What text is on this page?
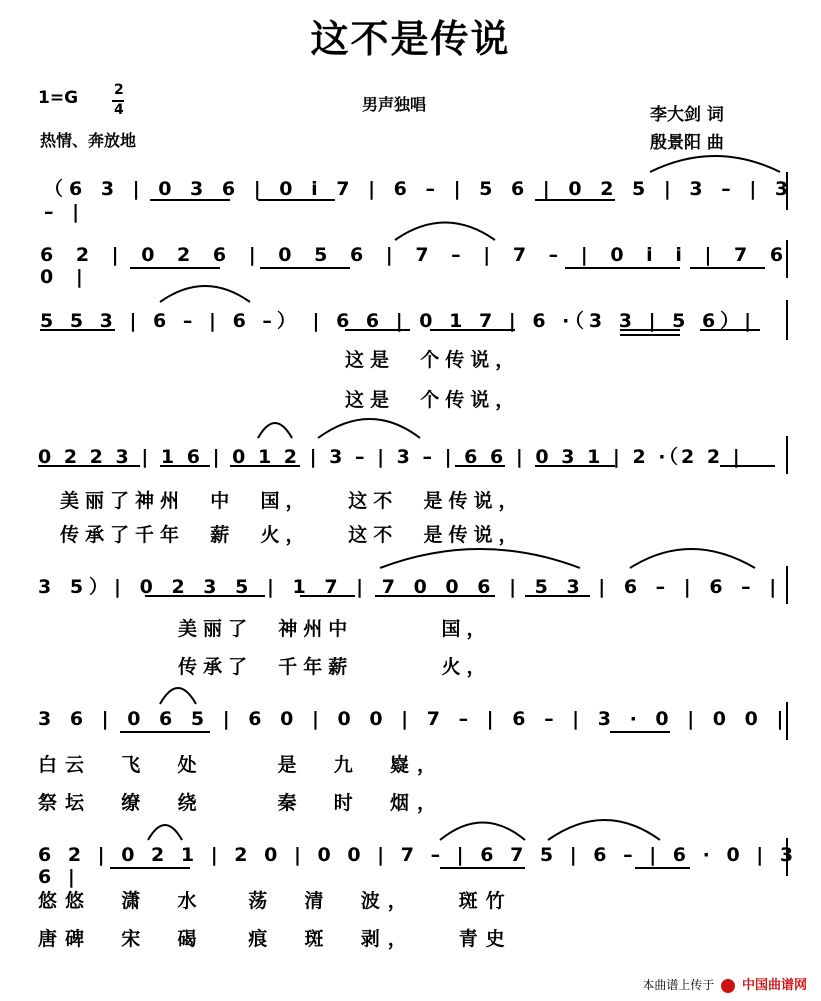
这不是传说
1=G	2
4
热情、奔放地
男声独唱
李大剑 词
殷景阳 曲
（6 3 | 0 3 6 | 0 i 7 | 6 – | 5 6 | 0 2 5 | 3 – | 3 – |
6 2 | 0 2 6 | 0 5 6 | 7 – | 7 – | 0 i i | 7 6 0 |
5 5 3 | 6 – | 6 –） | 6 6 | 0 1 7 | 6 ·（3 3 | 5 6）|
这是  个传说，
这是  个传说，
0 2 2 3 | 1 6 | 0 1 2 | 3 – | 3 – | 6 6 | 0 3 1 | 2 ·（2 2 |
美丽了神州  中  国，   这不  是传说，
传承了千年  薪  火，   这不  是传说，
3 5）| 0 2 3 5 | 1 7 | 7 0 0 6 | 5 3 | 6 – | 6 – |
美丽了  神州中       国，
传承了  千年薪       火，
3 6 | 0 6 5 | 6 0 | 0 0 | 7 – | 6 – | 3 · 0 | 0 0 |
白云  飞  处     是  九  嶷，
祭坛  缭  绕     秦  时  烟，
6 2 | 0 2 1 | 2 0 | 0 0 | 7 – | 6 7 5 | 6 – | 6 · 0 | 3 6 |
悠悠  潇  水   荡  清  波，   斑竹
唐碑  宋  碣   痕  斑  剥，   青史
本曲谱上传于 中国曲谱网
